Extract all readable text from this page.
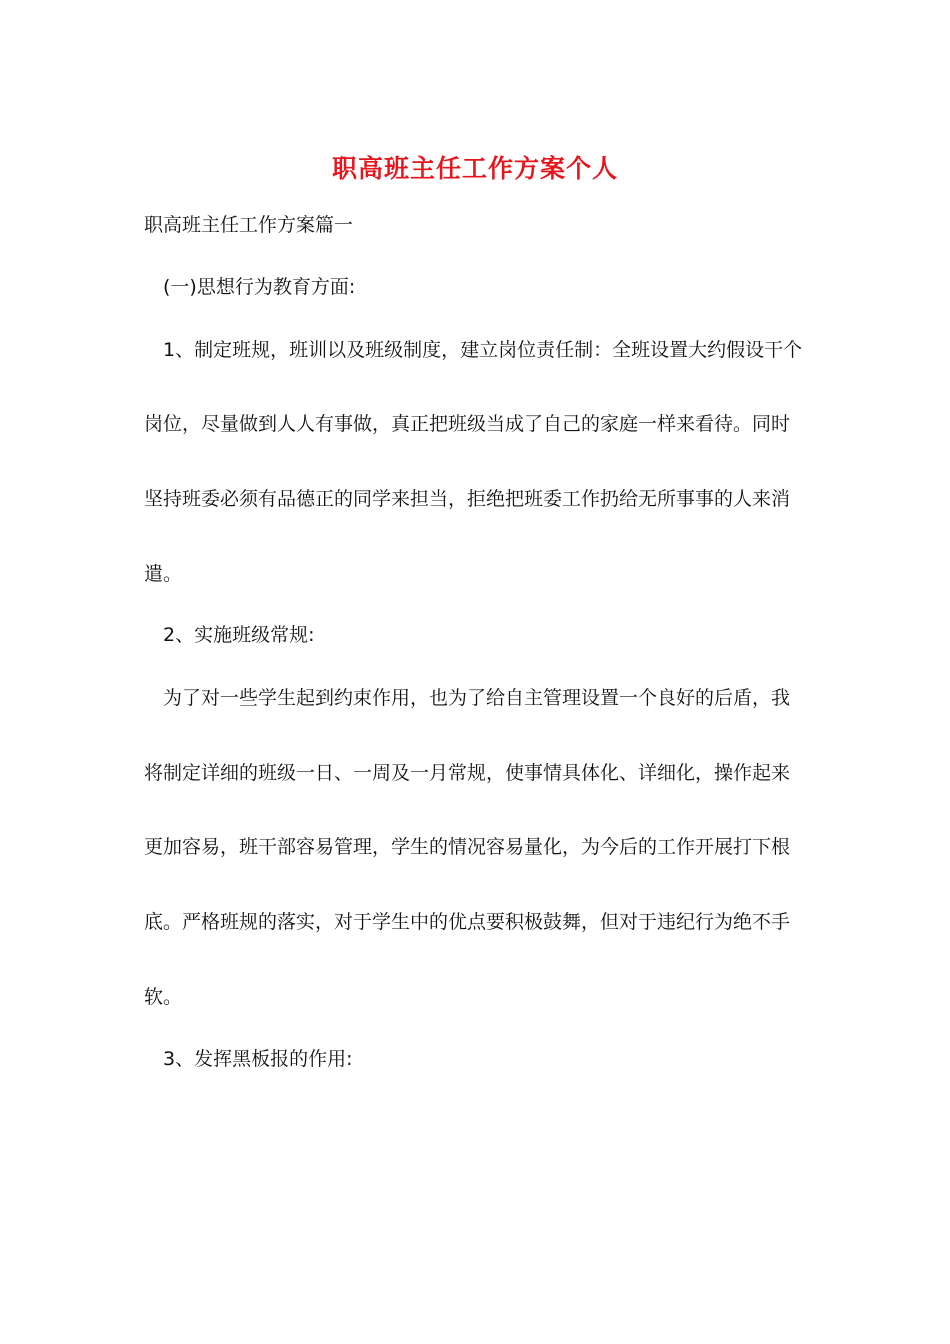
职高班主任工作方案个人
职高班主任工作方案篇一
(一)思想行为教育方面:
1、制定班规，班训以及班级制度，建立岗位责任制：全班设置大约假设干个
岗位，尽量做到人人有事做，真正把班级当成了自己的家庭一样来看待。同时
坚持班委必须有品德正的同学来担当，拒绝把班委工作扔给无所事事的人来消
遣。
2、实施班级常规:
为了对一些学生起到约束作用，也为了给自主管理设置一个良好的后盾，我
将制定详细的班级一日、一周及一月常规，使事情具体化、详细化，操作起来
更加容易，班干部容易管理，学生的情况容易量化，为今后的工作开展打下根
底。严格班规的落实，对于学生中的优点要积极鼓舞，但对于违纪行为绝不手
软。
3、发挥黑板报的作用:
